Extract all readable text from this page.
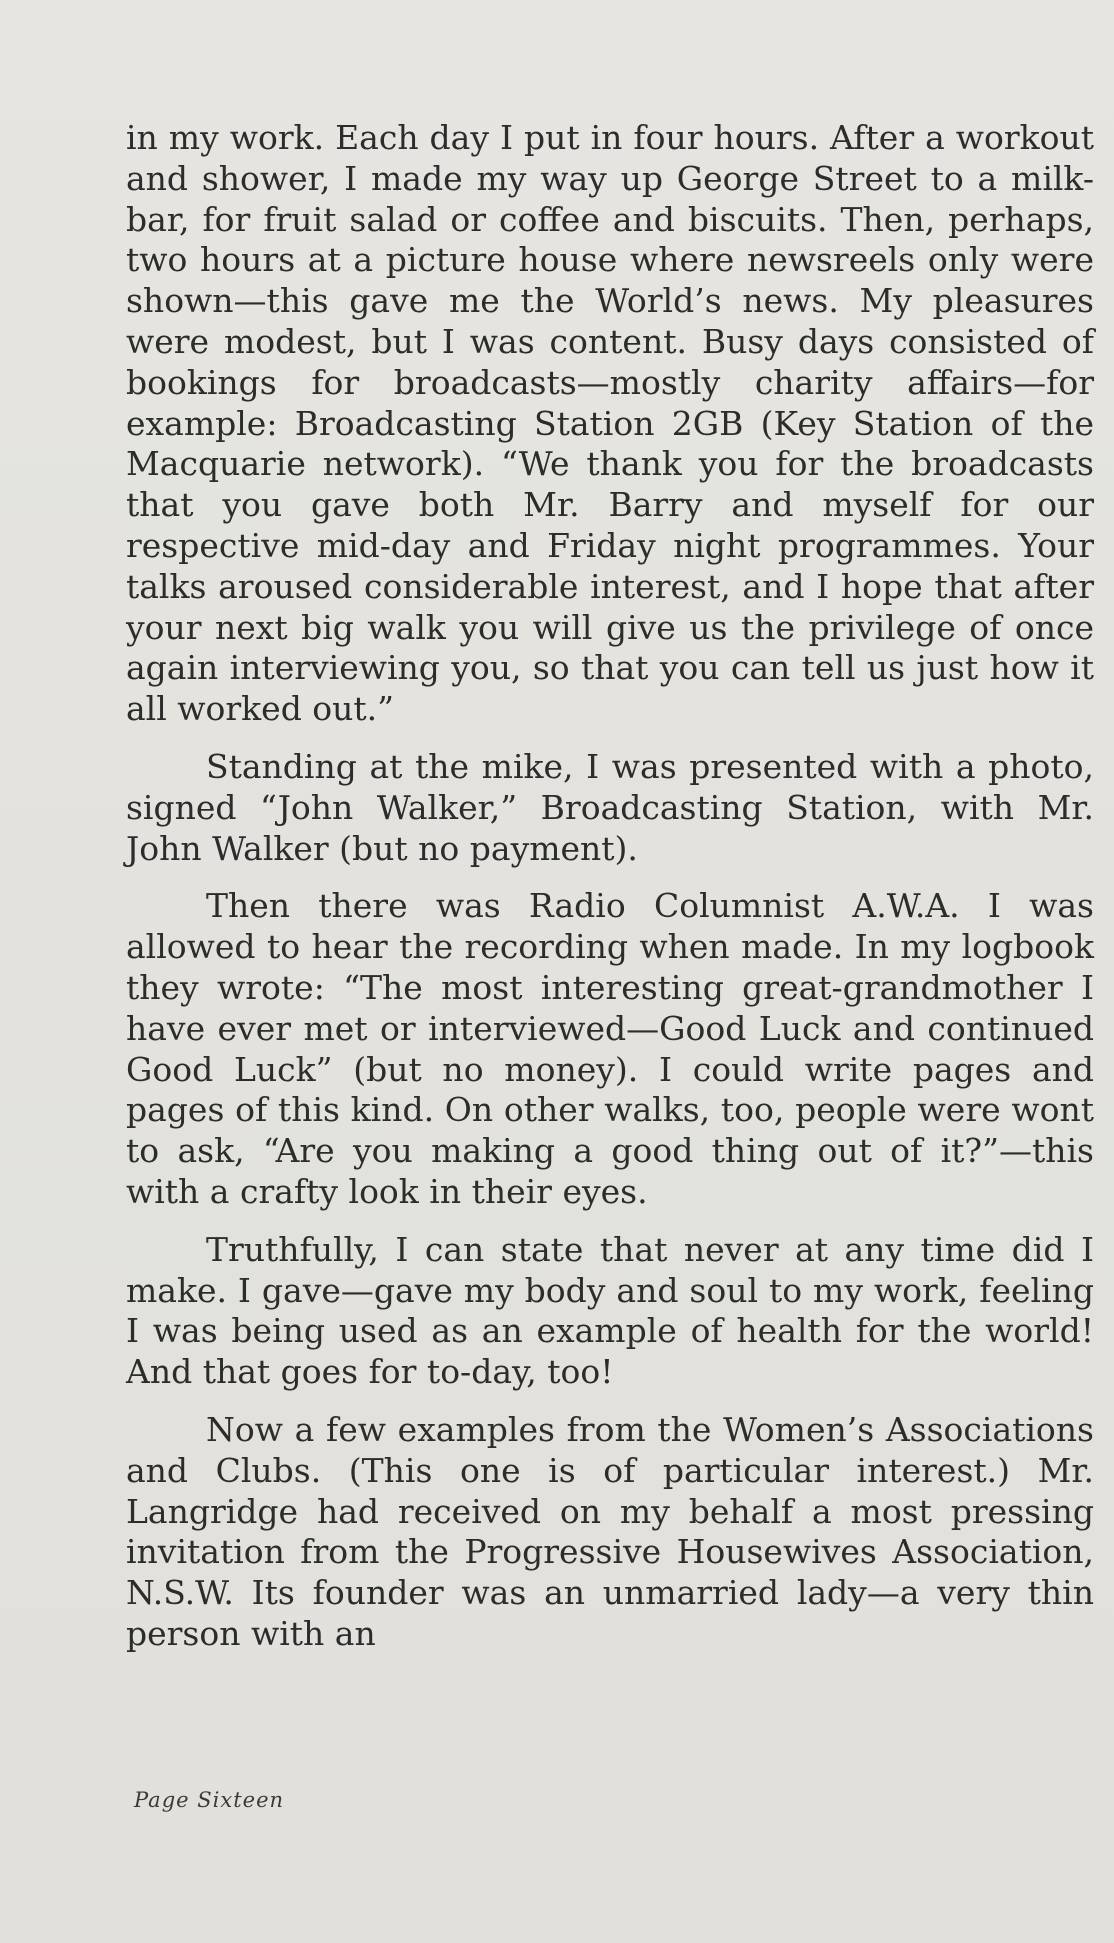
in my work. Each day I put in four hours. After a workout and shower, I made my way up George Street to a milk-bar, for fruit salad or coffee and biscuits. Then, perhaps, two hours at a picture house where newsreels only were shown—this gave me the World’s news. My pleasures were modest, but I was content. Busy days consisted of bookings for broadcasts—mostly charity affairs—for example: Broadcasting Station 2GB (Key Station of the Macquarie network). “We thank you for the broadcasts that you gave both Mr. Barry and myself for our respective mid-day and Friday night programmes. Your talks aroused considerable interest, and I hope that after your next big walk you will give us the privilege of once again interviewing you, so that you can tell us just how it all worked out.”

Standing at the mike, I was presented with a photo, signed “John Walker,” Broadcasting Station, with Mr. John Walker (but no payment).

Then there was Radio Columnist A.W.A. I was allowed to hear the recording when made. In my logbook they wrote: “The most interesting great-grandmother I have ever met or interviewed—Good Luck and continued Good Luck” (but no money). I could write pages and pages of this kind. On other walks, too, people were wont to ask, “Are you making a good thing out of it?”—this with a crafty look in their eyes.

Truthfully, I can state that never at any time did I make. I gave—gave my body and soul to my work, feeling I was being used as an example of health for the world! And that goes for to-day, too!

Now a few examples from the Women’s Associations and Clubs. (This one is of particular interest.) Mr. Langridge had received on my behalf a most pressing invitation from the Progressive Housewives Association, N.S.W. Its founder was an unmarried lady—a very thin person with an

Page Sixteen
